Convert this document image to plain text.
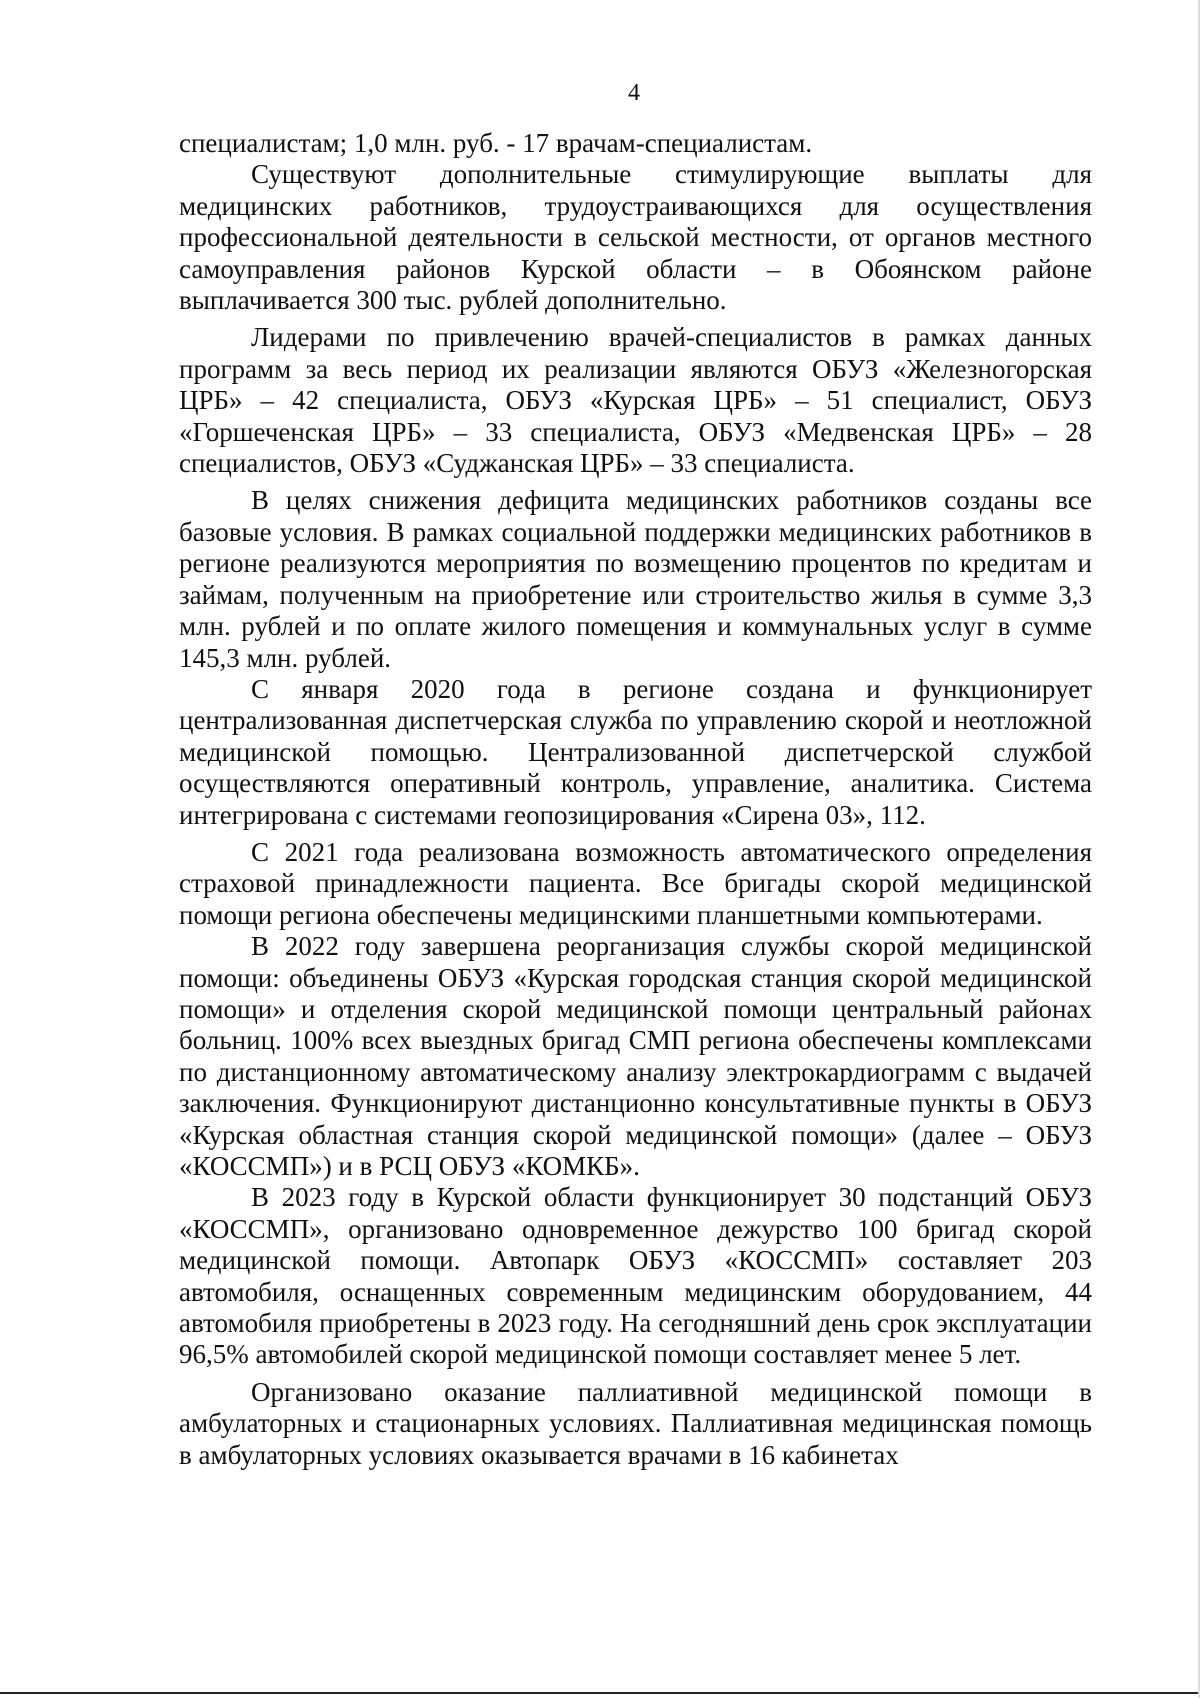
4

специалистам; 1,0 млн. руб. - 17 врачам-специалистам.

Существуют дополнительные стимулирующие выплаты для медицинских работников, трудоустраивающихся для осуществления профессиональной деятельности в сельской местности, от органов местного самоуправления районов Курской области – в Обоянском районе выплачивается 300 тыс. рублей дополнительно.

Лидерами по привлечению врачей-специалистов в рамках данных программ за весь период их реализации являются ОБУЗ «Железногорская ЦРБ» – 42 специалиста, ОБУЗ «Курская ЦРБ» – 51 специалист, ОБУЗ «Горшеченская ЦРБ» – 33 специалиста, ОБУЗ «Медвенская ЦРБ» – 28 специалистов, ОБУЗ «Суджанская ЦРБ» – 33 специалиста.

В целях снижения дефицита медицинских работников созданы все базовые условия. В рамках социальной поддержки медицинских работников в регионе реализуются мероприятия по возмещению процентов по кредитам и займам, полученным на приобретение или строительство жилья в сумме 3,3 млн. рублей и по оплате жилого помещения и коммунальных услуг в сумме 145,3 млн. рублей.

С января 2020 года в регионе создана и функционирует централизованная диспетчерская служба по управлению скорой и неотложной медицинской помощью. Централизованной диспетчерской службой осуществляются оперативный контроль, управление, аналитика. Система интегрирована с системами геопозицирования «Сирена 03», 112.

С 2021 года реализована возможность автоматического определения страховой принадлежности пациента. Все бригады скорой медицинской помощи региона обеспечены медицинскими планшетными компьютерами.

В 2022 году завершена реорганизация службы скорой медицинской помощи: объединены ОБУЗ «Курская городская станция скорой медицинской помощи» и отделения скорой медицинской помощи центральный районах больниц. 100% всех выездных бригад СМП региона обеспечены комплексами по дистанционному автоматическому анализу электрокардиограмм с выдачей заключения. Функционируют дистанционно консультативные пункты в ОБУЗ «Курская областная станция скорой медицинской помощи» (далее – ОБУЗ «КОССМП») и в РСЦ ОБУЗ «КОМКБ».

В 2023 году в Курской области функционирует 30 подстанций ОБУЗ «КОССМП», организовано одновременное дежурство 100 бригад скорой медицинской помощи. Автопарк ОБУЗ «КОССМП» составляет 203 автомобиля, оснащенных современным медицинским оборудованием, 44 автомобиля приобретены в 2023 году. На сегодняшний день срок эксплуатации 96,5% автомобилей скорой медицинской помощи составляет менее 5 лет.

Организовано оказание паллиативной медицинской помощи в амбулаторных и стационарных условиях. Паллиативная медицинская помощь в амбулаторных условиях оказывается врачами в 16 кабинетах
